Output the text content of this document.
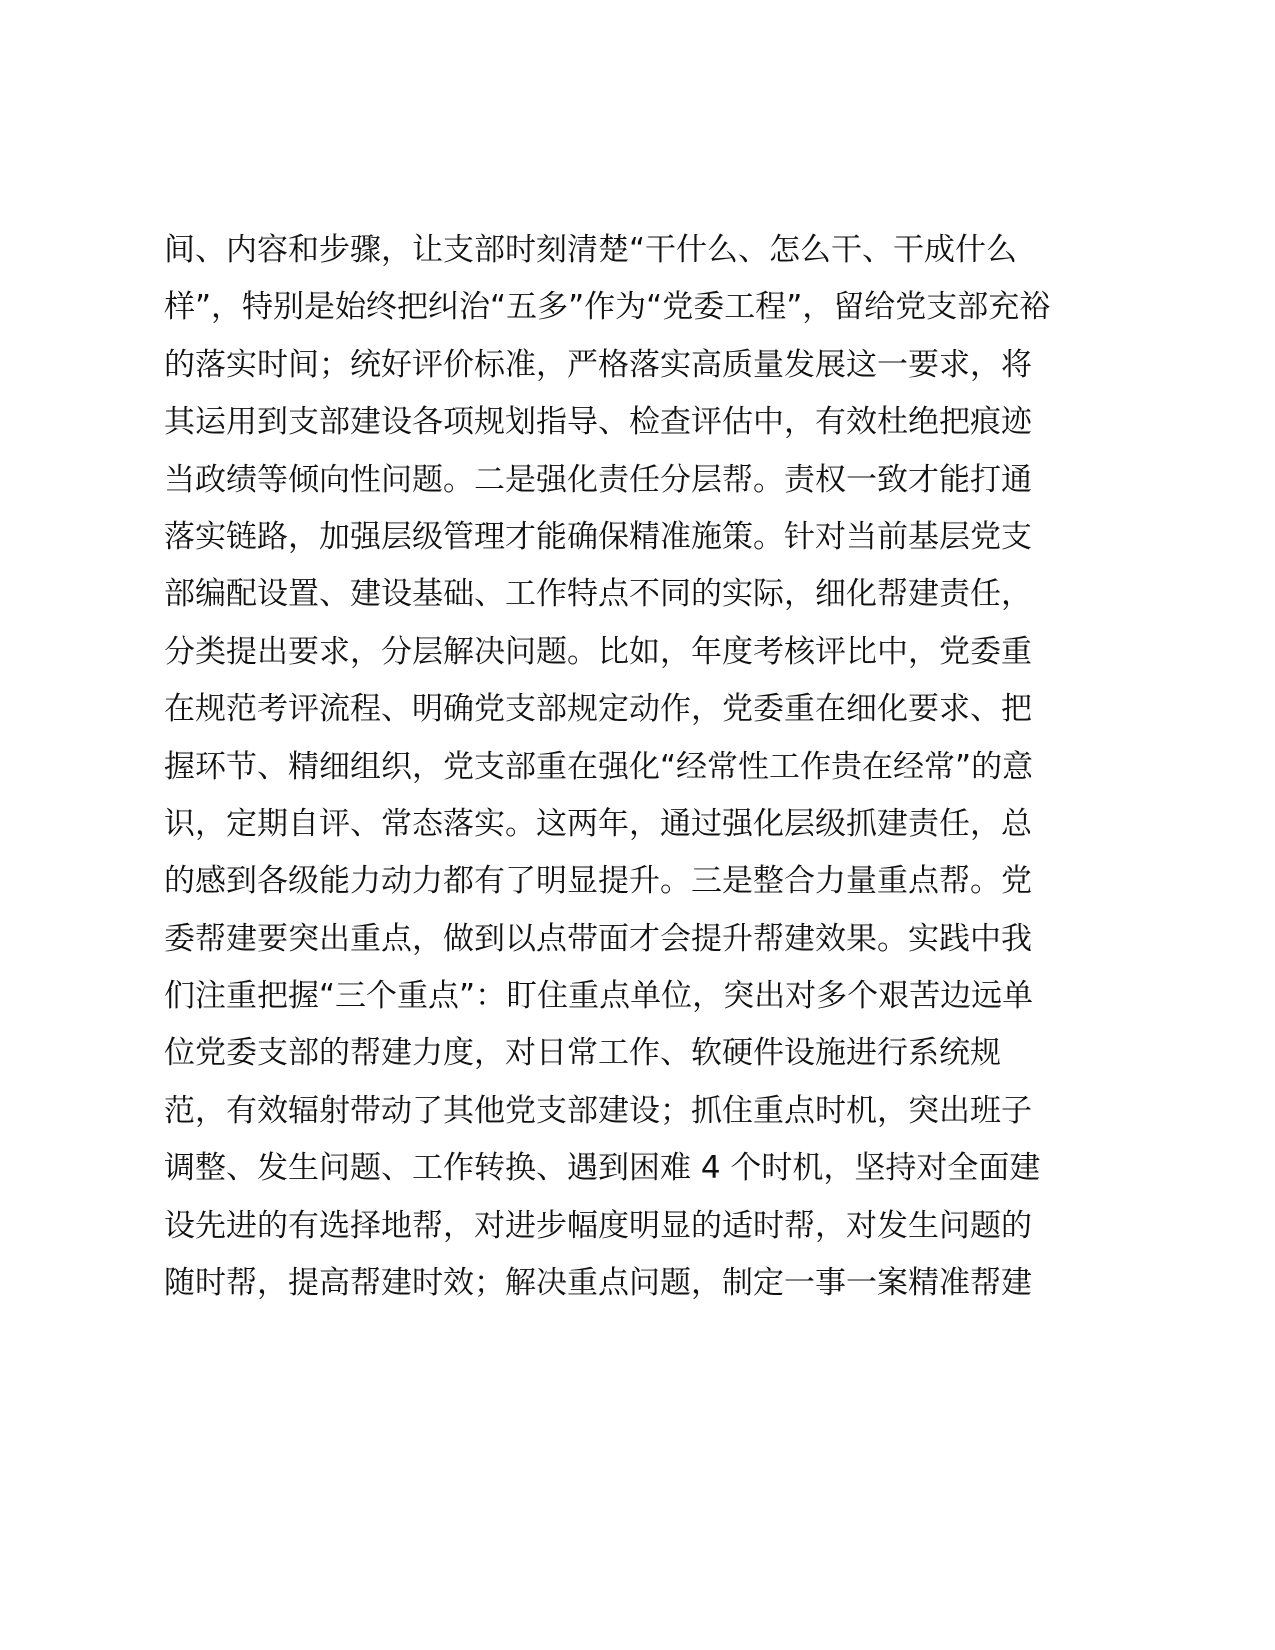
间、内容和步骤，让支部时刻清楚“干什么、怎么干、干成什么
样”，特别是始终把纠治“五多”作为“党委工程”，留给党支部充裕
的落实时间；统好评价标准，严格落实高质量发展这一要求，将
其运用到支部建设各项规划指导、检查评估中，有效杜绝把痕迹
当政绩等倾向性问题。二是强化责任分层帮。责权一致才能打通
落实链路，加强层级管理才能确保精准施策。针对当前基层党支
部编配设置、建设基础、工作特点不同的实际，细化帮建责任，
分类提出要求，分层解决问题。比如，年度考核评比中，党委重
在规范考评流程、明确党支部规定动作，党委重在细化要求、把
握环节、精细组织，党支部重在强化“经常性工作贵在经常”的意
识，定期自评、常态落实。这两年，通过强化层级抓建责任，总
的感到各级能力动力都有了明显提升。三是整合力量重点帮。党
委帮建要突出重点，做到以点带面才会提升帮建效果。实践中我
们注重把握“三个重点”：盯住重点单位，突出对多个艰苦边远单
位党委支部的帮建力度，对日常工作、软硬件设施进行系统规
范，有效辐射带动了其他党支部建设；抓住重点时机，突出班子
调整、发生问题、工作转换、遇到困难 4 个时机，坚持对全面建
设先进的有选择地帮，对进步幅度明显的适时帮，对发生问题的
随时帮，提高帮建时效；解决重点问题，制定一事一案精准帮建
